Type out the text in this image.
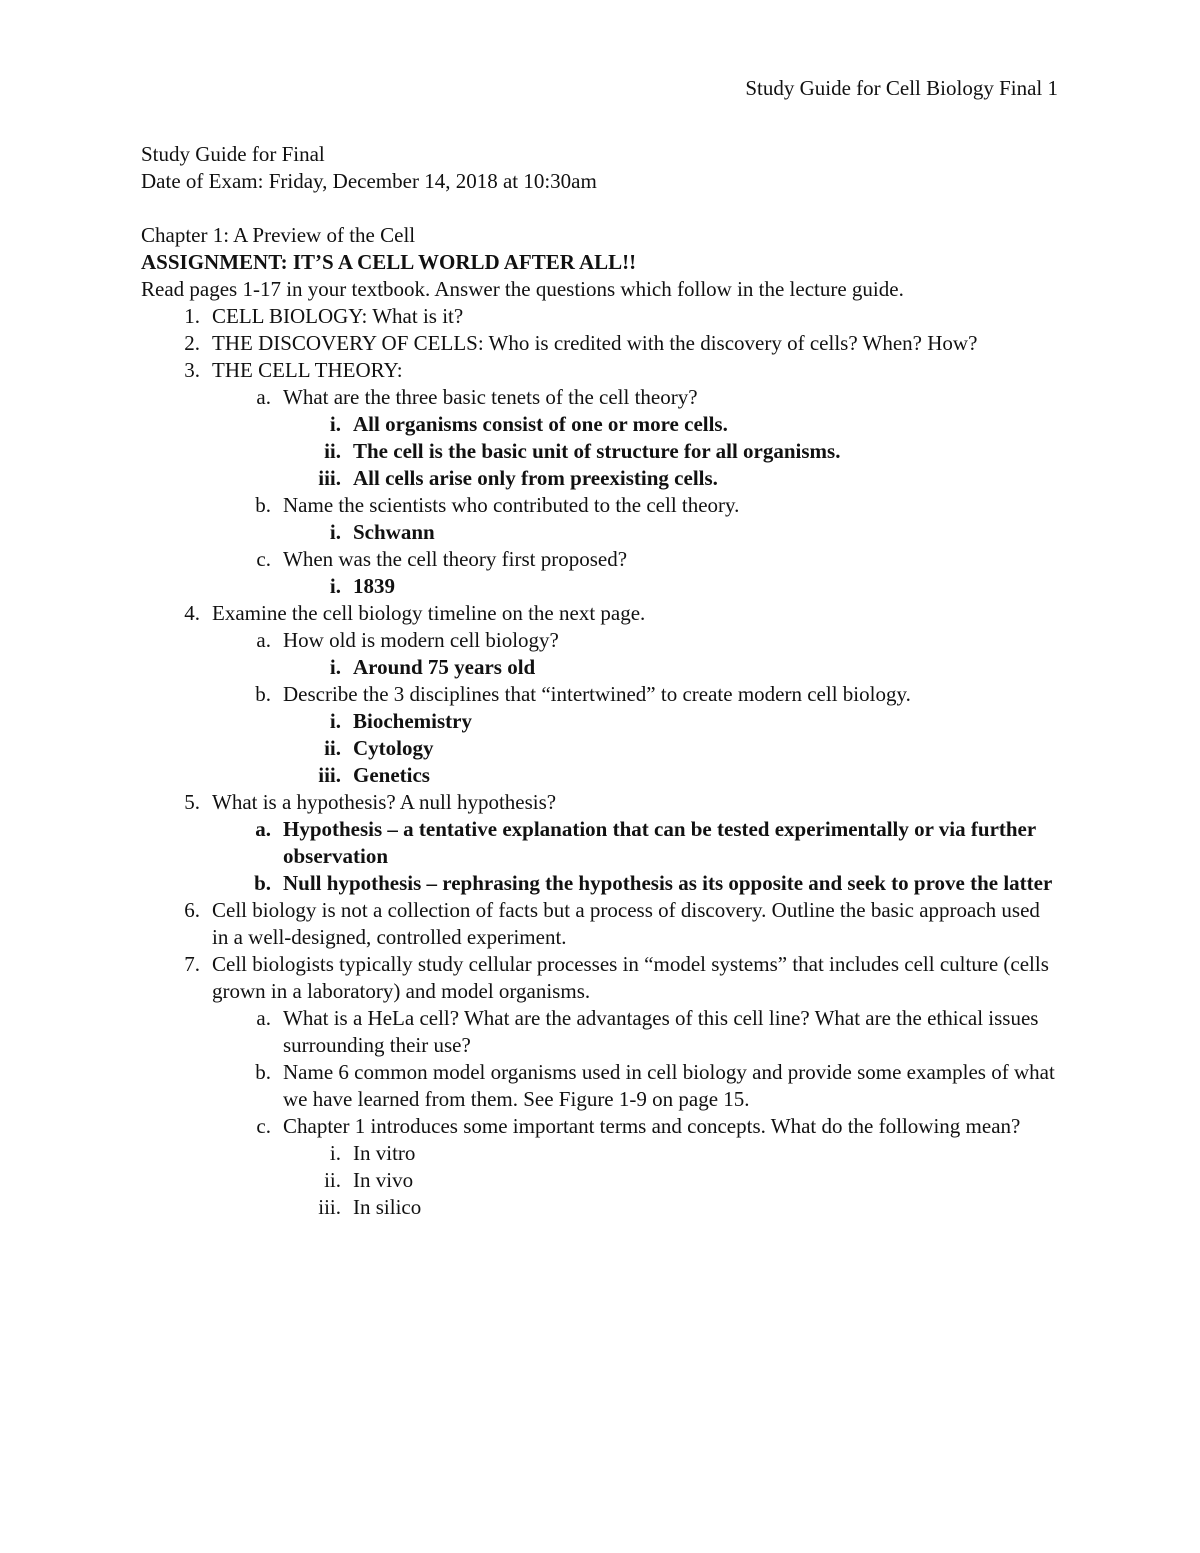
Study Guide for Cell Biology Final 1

Study Guide for Final

Date of Exam: Friday, December 14, 2018 at 10:30am

Chapter 1: A Preview of the Cell

ASSIGNMENT: IT’S A CELL WORLD AFTER ALL!!

Read pages 1-17 in your textbook. Answer the questions which follow in the lecture guide.

1. CELL BIOLOGY: What is it?
2. THE DISCOVERY OF CELLS: Who is credited with the discovery of cells? When? How?
3. THE CELL THEORY:
a. What are the three basic tenets of the cell theory?
i. All organisms consist of one or more cells.
ii. The cell is the basic unit of structure for all organisms.
iii. All cells arise only from preexisting cells.
b. Name the scientists who contributed to the cell theory.
i. Schwann
c. When was the cell theory first proposed?
i. 1839
4. Examine the cell biology timeline on the next page.
a. How old is modern cell biology?
i. Around 75 years old
b. Describe the 3 disciplines that “intertwined” to create modern cell biology.
i. Biochemistry
ii. Cytology
iii. Genetics
5. What is a hypothesis? A null hypothesis?
a. Hypothesis – a tentative explanation that can be tested experimentally or via further observation
b. Null hypothesis – rephrasing the hypothesis as its opposite and seek to prove the latter
6. Cell biology is not a collection of facts but a process of discovery. Outline the basic approach used in a well-designed, controlled experiment.
7. Cell biologists typically study cellular processes in “model systems” that includes cell culture (cells grown in a laboratory) and model organisms.
a. What is a HeLa cell? What are the advantages of this cell line? What are the ethical issues surrounding their use?
b. Name 6 common model organisms used in cell biology and provide some examples of what we have learned from them. See Figure 1-9 on page 15.
c. Chapter 1 introduces some important terms and concepts. What do the following mean?
i. In vitro
ii. In vivo
iii. In silico
